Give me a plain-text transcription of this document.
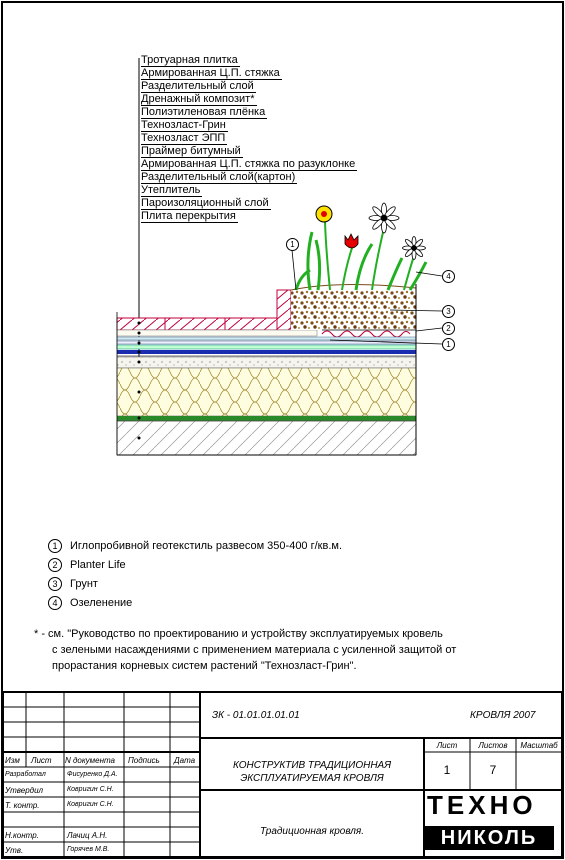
Тротуарная плитка
Армированная Ц.П. стяжка
Разделительный слой
Дренажный композит*
Полиэтиленовая плёнка
Технозласт-Грин
Технозласт ЭПП
Праймер битумный
Армированная Ц.П. стяжка по разуклонке
Разделительный слой(картон)
Утеплитель
Пароизоляционный слой
Плита перекрытия
1
4
3
2
1
1 Иглопробивной геотекстиль развесом 350-400 г/кв.м.
2 Planter Life
3 Грунт
4 Озеленение
* - см. "Руководство по проектированию и устройству эксплуатируемых кровель
с зелеными насаждениями с применением материала с усиленной защитой от
прорастания корневых систем растений "Технозласт-Грин".
ЗК - 01.01.01.01.01	КРОВЛЯ 2007
Изм Лист N документа Подпись Дата
Разработал	Фисуренко Д.А.
Утвердил	Ковригин С.Н.
Т. контр.	Ковригин С.Н.
Н.контр.	Лачиц А.Н.
Утв.	Горячев М.В.
КОНСТРУКТИВ ТРАДИЦИОННАЯ
ЭКСПЛУАТИРУЕМАЯ КРОВЛЯ
Традиционная кровля.
Лист	Листов	Масштаб
1	7
ТЕХНО
НИКОЛЬ
